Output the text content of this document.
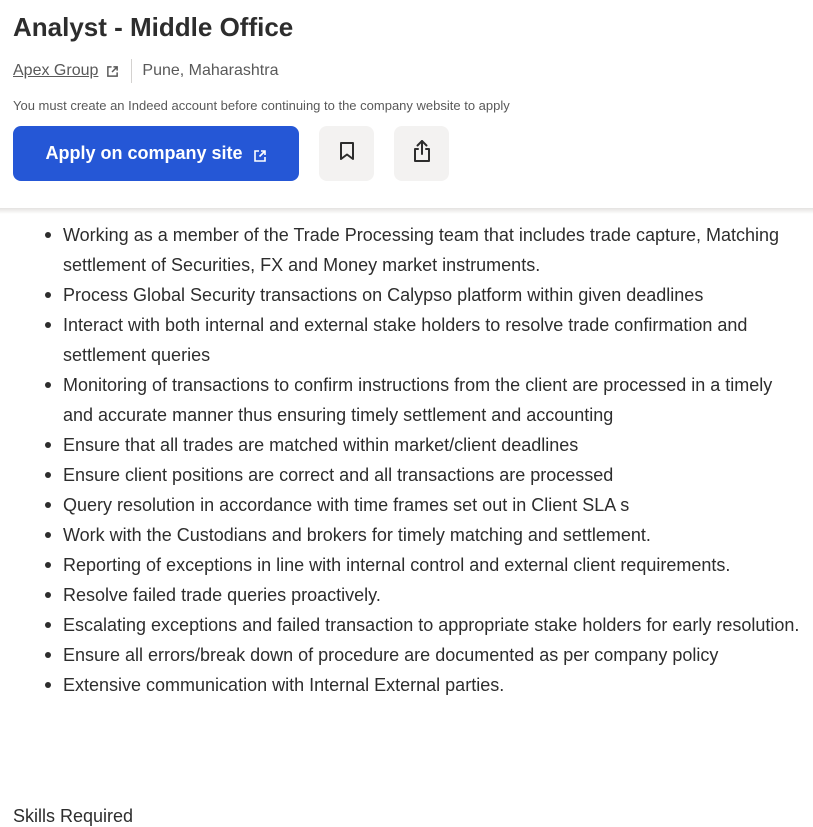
Analyst - Middle Office
Apex Group	Pune, Maharashtra
You must create an Indeed account before continuing to the company website to apply
Apply on company site
Working as a member of the Trade Processing team that includes trade capture, Matching settlement of Securities, FX and Money market instruments.
Process Global Security transactions on Calypso platform within given deadlines
Interact with both internal and external stake holders to resolve trade confirmation and settlement queries
Monitoring of transactions to confirm instructions from the client are processed in a timely and accurate manner thus ensuring timely settlement and accounting
Ensure that all trades are matched within market/client deadlines
Ensure client positions are correct and all transactions are processed
Query resolution in accordance with time frames set out in Client SLA s
Work with the Custodians and brokers for timely matching and settlement.
Reporting of exceptions in line with internal control and external client requirements.
Resolve failed trade queries proactively.
Escalating exceptions and failed transaction to appropriate stake holders for early resolution.
Ensure all errors/break down of procedure are documented as per company policy
Extensive communication with Internal External parties.
Skills Required
